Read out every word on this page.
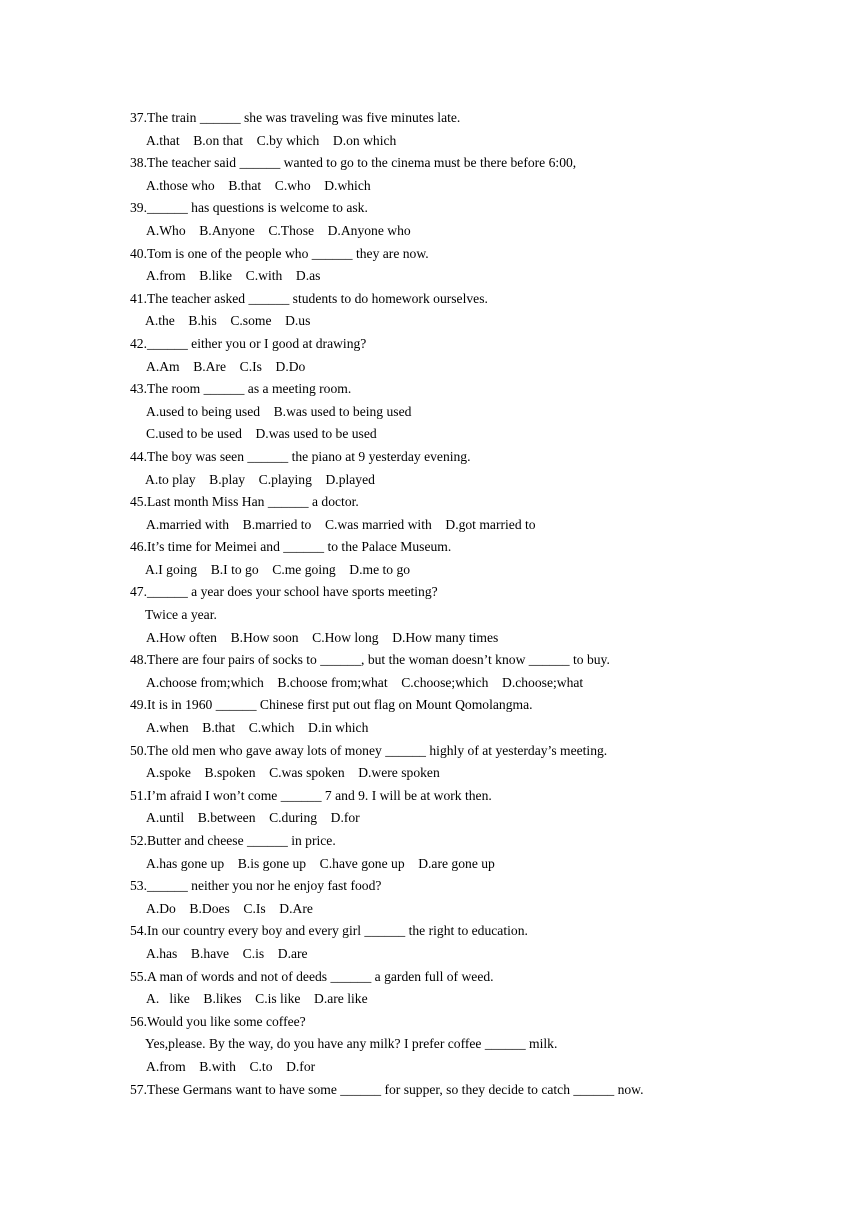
37.The train ______ she was traveling was five minutes late.
A.that    B.on that    C.by which    D.on which
38.The teacher said ______ wanted to go to the cinema must be there before 6:00,
A.those who    B.that    C.who    D.which
39.______ has questions is welcome to ask.
A.Who    B.Anyone    C.Those    D.Anyone who
40.Tom is one of the people who ______ they are now.
A.from    B.like    C.with    D.as
41.The teacher asked ______ students to do homework ourselves.
A.the    B.his    C.some    D.us
42.______ either you or I good at drawing?
A.Am    B.Are    C.Is    D.Do
43.The room ______ as a meeting room.
A.used to being used    B.was used to being used
C.used to be used    D.was used to be used
44.The boy was seen ______ the piano at 9 yesterday evening.
A.to play    B.play    C.playing    D.played
45.Last month Miss Han ______ a doctor.
A.married with    B.married to    C.was married with    D.got married to
46.It’s time for Meimei and ______ to the Palace Museum.
A.I going    B.I to go    C.me going    D.me to go
47.______ a year does your school have sports meeting?
Twice a year.
A.How often    B.How soon    C.How long    D.How many times
48.There are four pairs of socks to ______, but the woman doesn’t know ______ to buy.
A.choose from;which    B.choose from;what    C.choose;which    D.choose;what
49.It is in 1960 ______ Chinese first put out flag on Mount Qomolangma.
A.when    B.that    C.which    D.in which
50.The old men who gave away lots of money ______ highly of at yesterday’s meeting.
A.spoke    B.spoken    C.was spoken    D.were spoken
51.I’m afraid I won’t come ______ 7 and 9. I will be at work then.
A.until    B.between    C.during    D.for
52.Butter and cheese ______ in price.
A.has gone up    B.is gone up    C.have gone up    D.are gone up
53.______ neither you nor he enjoy fast food?
A.Do    B.Does    C.Is    D.Are
54.In our country every boy and every girl ______ the right to education.
A.has    B.have    C.is    D.are
55.A man of words and not of deeds ______ a garden full of weed.
A.   like    B.likes    C.is like    D.are like
56.Would you like some coffee?
Yes,please. By the way, do you have any milk? I prefer coffee ______ milk.
A.from    B.with    C.to    D.for
57.These Germans want to have some ______ for supper, so they decide to catch ______ now.
